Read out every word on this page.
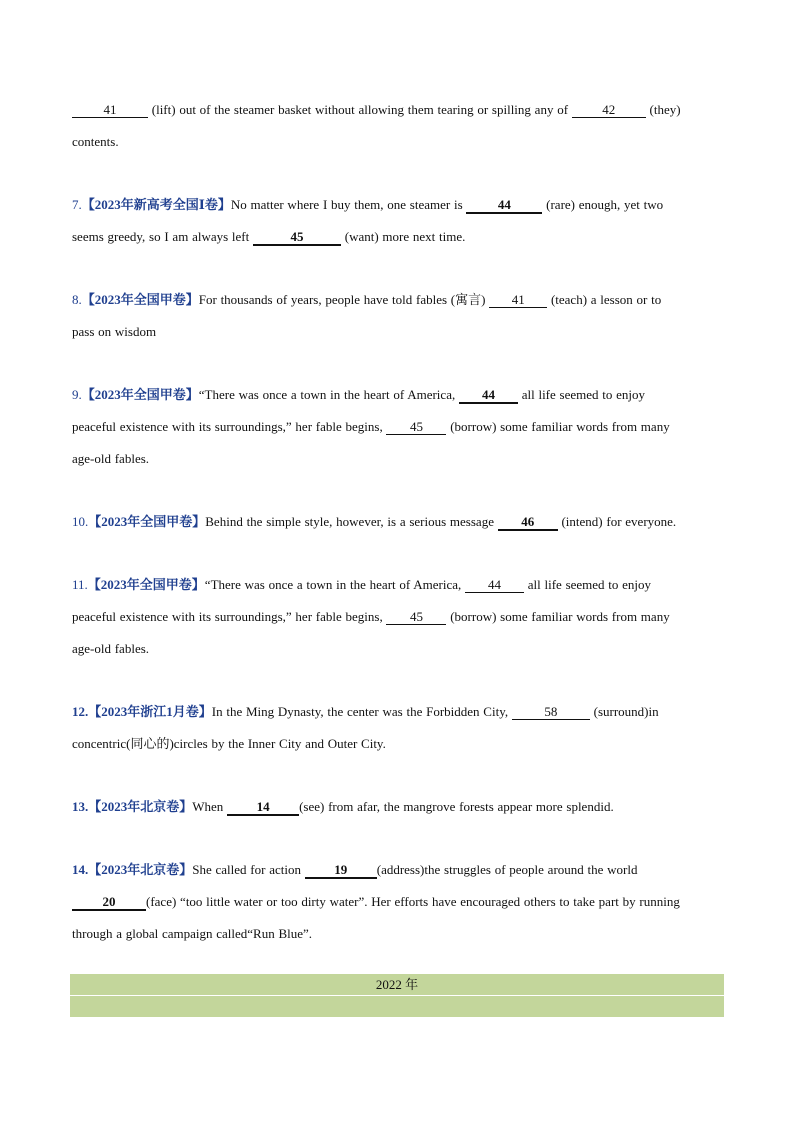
41 (lift) out of the steamer basket without allowing them tearing or spilling any of 42 (they)
contents.
7.【2023年新高考全国Ⅰ卷】No matter where I buy them, one steamer is 44 (rare) enough, yet two
seems greedy, so I am always left	45	(want) more next time.
8.【2023年全国甲卷】For thousands of years, people have told fables (寓言) 41 (teach) a lesson or to
pass on wisdom
9.【2023年全国甲卷】“There was once a town in the heart of America, 44 all life seemed to enjoy
peaceful existence with its surroundings,” her fable begins, 45 (borrow) some familiar words from many
age-old fables.
10.【2023年全国甲卷】Behind the simple style, however, is a serious message 46 (intend) for everyone.
11.【2023年全国甲卷】“There was once a town in the heart of America, 44 all life seemed to enjoy
peaceful existence with its surroundings,” her fable begins, 45 (borrow) some familiar words from many
age-old fables.
12.【2023年浙江1月卷】In the Ming Dynasty, the center was the Forbidden City,	58	(surround)in
concentric(同心的)circles by the Inner City and Outer City.
13.【2023年北京卷】When 14 (see) from afar, the mangrove forests appear more splendid.
14.【2023年北京卷】She called for action 19 (address)the struggles of people around the world
20 (face) “too little water or too dirty water”. Her efforts have encouraged others to take part by running
through a global campaign called“Run Blue”.
2022 年
